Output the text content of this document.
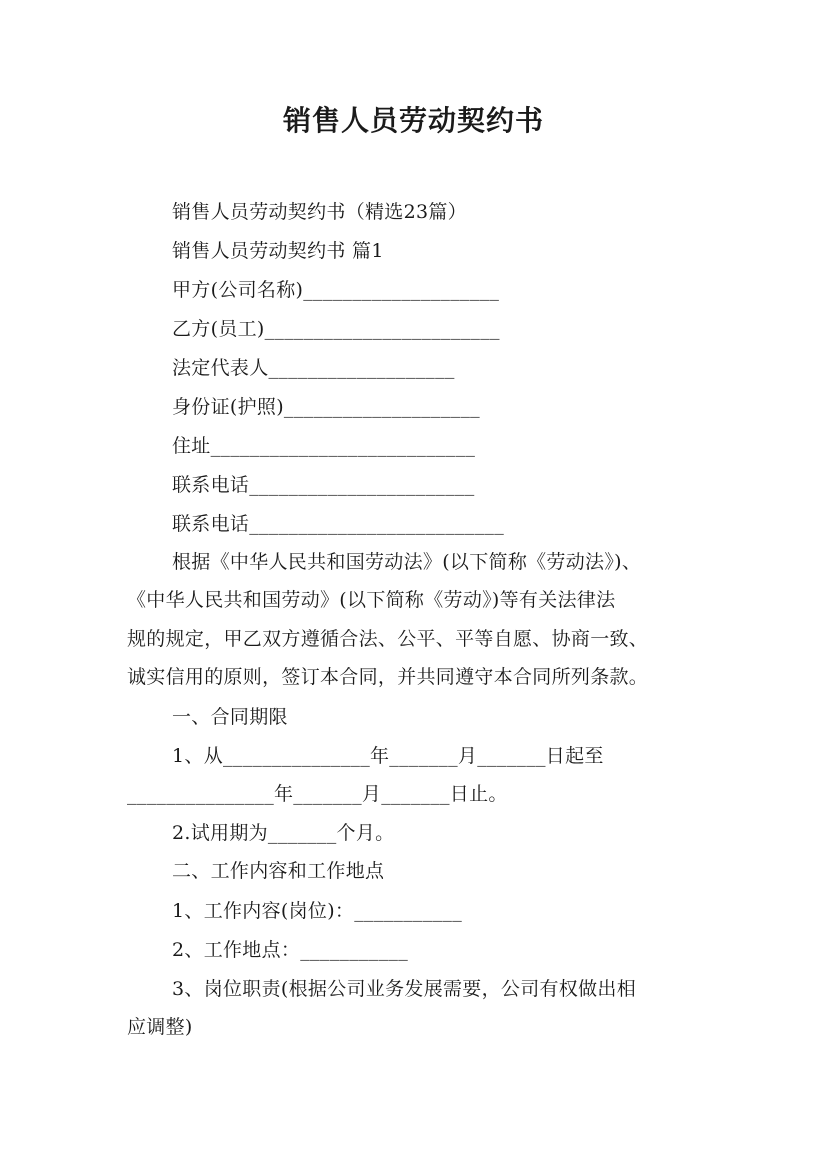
销售人员劳动契约书

销售人员劳动契约书（精选23篇）

销售人员劳动契约书 篇1

甲方(公司名称)____________________

乙方(员工)________________________

法定代表人___________________

身份证(护照)____________________

住址___________________________

联系电话_______________________

联系电话__________________________

根据《中华人民共和国劳动法》(以下简称《劳动法》)、

《中华人民共和国劳动》(以下简称《劳动》)等有关法律法

规的规定，甲乙双方遵循合法、公平、平等自愿、协商一致、

诚实信用的原则，签订本合同，并共同遵守本合同所列条款。

一、合同期限

1、从_______________年_______月_______日起至

_______________年_______月_______日止。

2.试用期为_______个月。

二、工作内容和工作地点

1、工作内容(岗位)：___________

2、工作地点：___________

3、岗位职责(根据公司业务发展需要，公司有权做出相

应调整)
